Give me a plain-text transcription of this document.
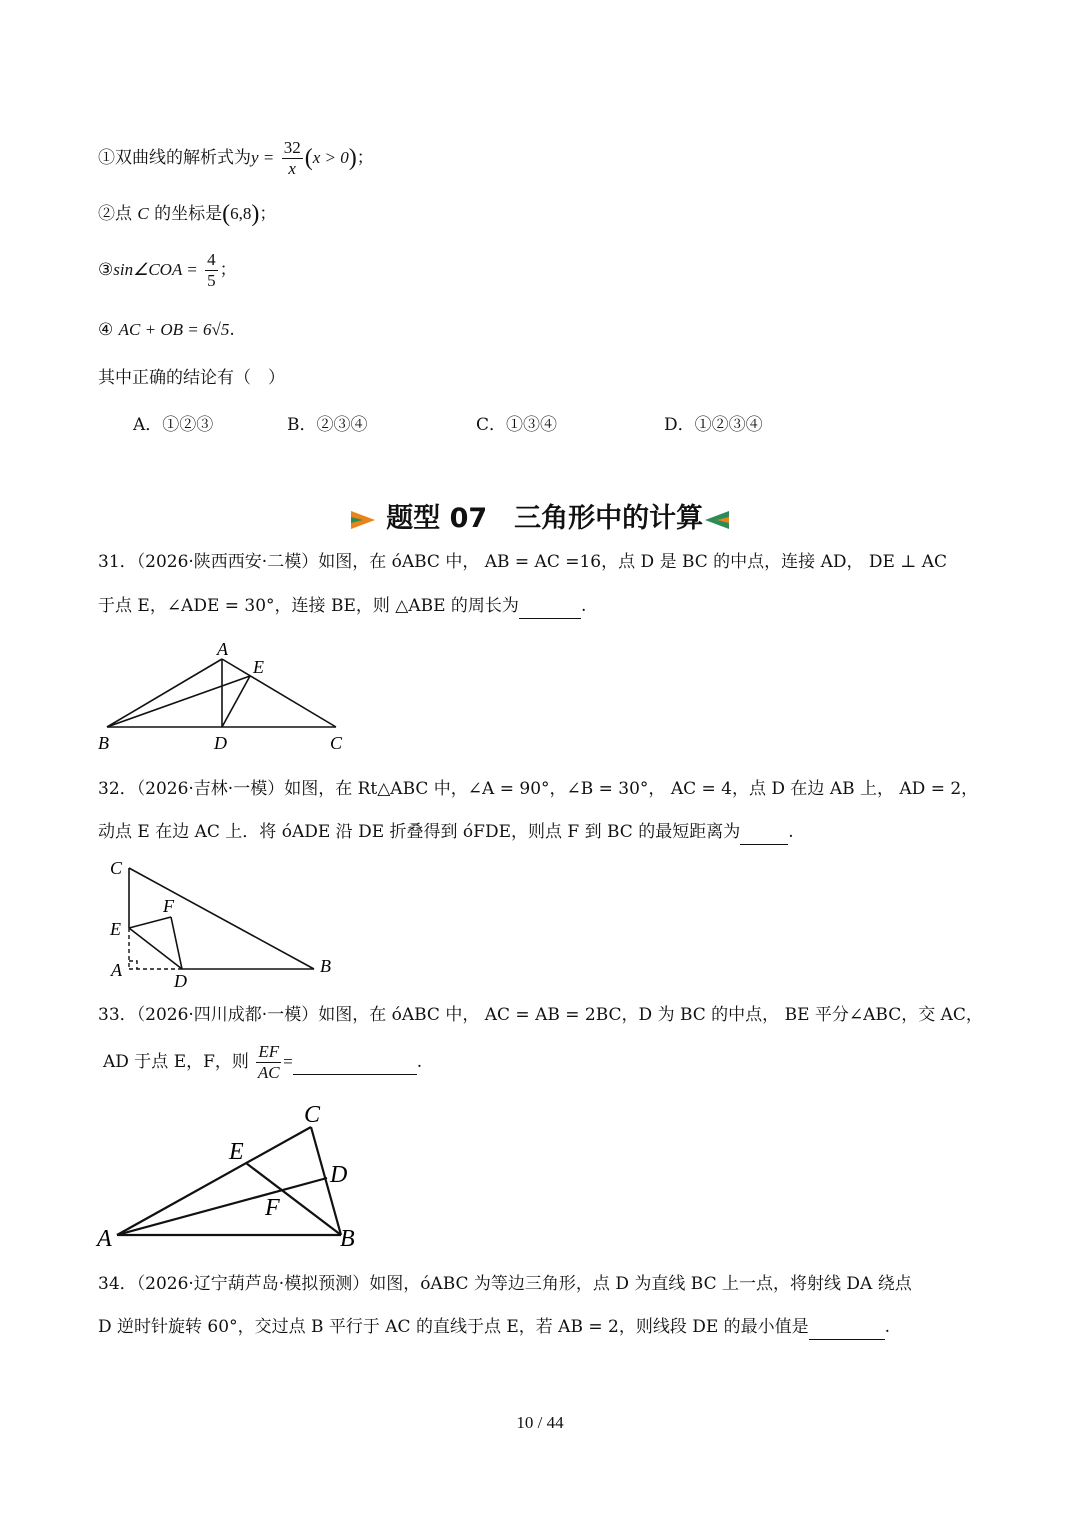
①双曲线的解析式为$y = \frac{32}{x} (x > 0)$；
②点 C 的坐标是(6,8)；
③sin∠COA = $\frac{4}{5}$ ；
④ AC + OB = 6√5.
其中正确的结论有（　）
A．①②③	B．②③④	C．①③④	D．①②③④
题型 07　三角形中的计算
31．（2026·陕西西安·二模）如图，在 óABC 中， AB = AC =16，点 D 是 BC 的中点，连接 AD， DE ⊥ AC
于点 E，∠ADE = 30°，连接 BE，则 △ABE 的周长为	.
A
E
B	D	C
32．（2026·吉林·一模）如图，在 Rt△ABC 中，∠A = 90°，∠B = 30°， AC = 4，点 D 在边 AB 上， AD = 2，
动点 E 在边 AC 上．将 óADE 沿 DE 折叠得到 óFDE，则点 F 到 BC 的最短距离为	.
C
F
E
A
D
B
33．（2026·四川成都·一模）如图，在 óABC 中， AC = AB = 2BC，D 为 BC 的中点， BE 平分∠ABC，交 AC，
AD 于点 E，F，则 $\frac{EF}{AC}$ =	.
C
E
D
F
A	B
34．（2026·辽宁葫芦岛·模拟预测）如图，óABC 为等边三角形，点 D 为直线 BC 上一点，将射线 DA 绕点
D 逆时针旋转 60°，交过点 B 平行于 AC 的直线于点 E，若 AB = 2，则线段 DE 的最小值是	.
10 / 44
